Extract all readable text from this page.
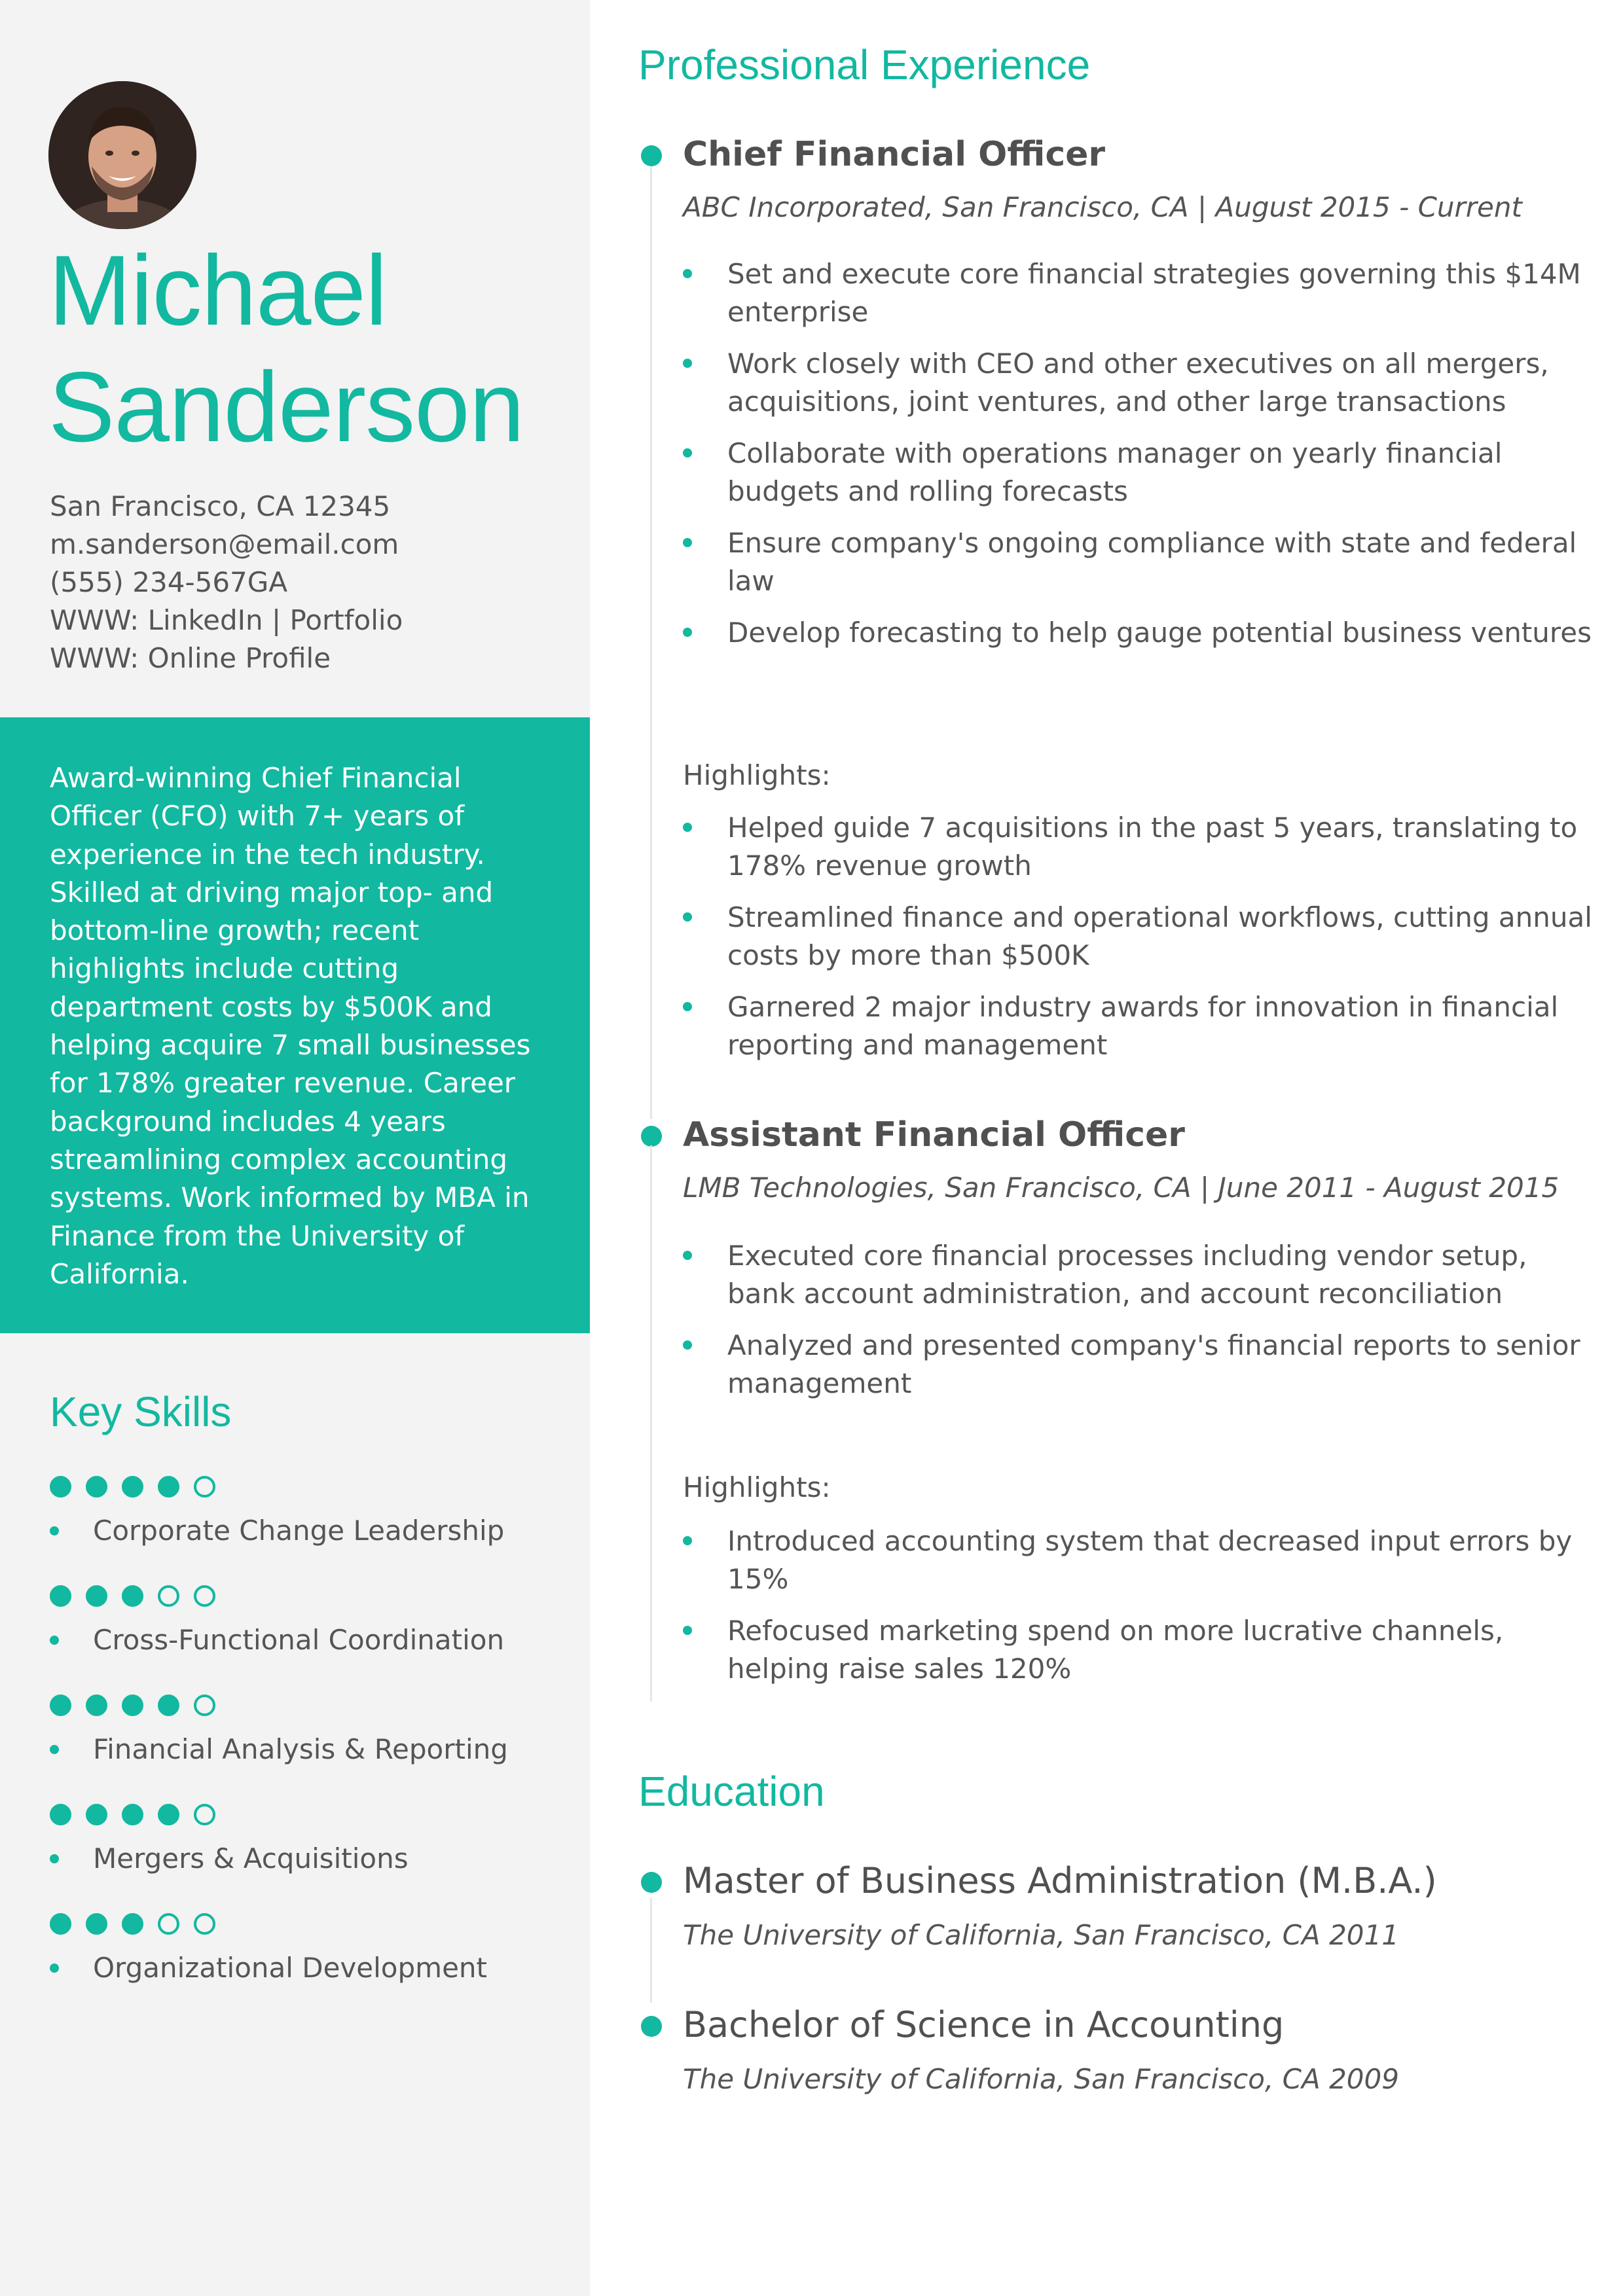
Michael
Sanderson
San Francisco, CA 12345
m.sanderson@email.com
(555) 234-567GA
WWW: LinkedIn | Portfolio
WWW: Online Profile

Award-winning Chief Financial Officer (CFO) with 7+ years of experience in the tech industry. Skilled at driving major top- and bottom-line growth; recent highlights include cutting department costs by $500K and helping acquire 7 small businesses for 178% greater revenue. Career background includes 4 years streamlining complex accounting systems. Work informed by MBA in Finance from the University of California.

Key Skills
Corporate Change Leadership
Cross-Functional Coordination
Financial Analysis & Reporting
Mergers & Acquisitions
Organizational Development
Professional Experience
Chief Financial Officer
ABC Incorporated, San Francisco, CA | August 2015 - Current
Set and execute core financial strategies governing this $14M enterprise
Work closely with CEO and other executives on all mergers, acquisitions, joint ventures, and other large transactions
Collaborate with operations manager on yearly financial budgets and rolling forecasts
Ensure company's ongoing compliance with state and federal law
Develop forecasting to help gauge potential business ventures
Highlights:
Helped guide 7 acquisitions in the past 5 years, translating to 178% revenue growth
Streamlined finance and operational workflows, cutting annual costs by more than $500K
Garnered 2 major industry awards for innovation in financial reporting and management
Assistant Financial Officer
LMB Technologies, San Francisco, CA | June 2011 - August 2015
Executed core financial processes including vendor setup, bank account administration, and account reconciliation
Analyzed and presented company's financial reports to senior management
Highlights:
Introduced accounting system that decreased input errors by 15%
Refocused marketing spend on more lucrative channels, helping raise sales 120%
Education
Master of Business Administration (M.B.A.)
The University of California, San Francisco, CA 2011
Bachelor of Science in Accounting
The University of California, San Francisco, CA 2009
